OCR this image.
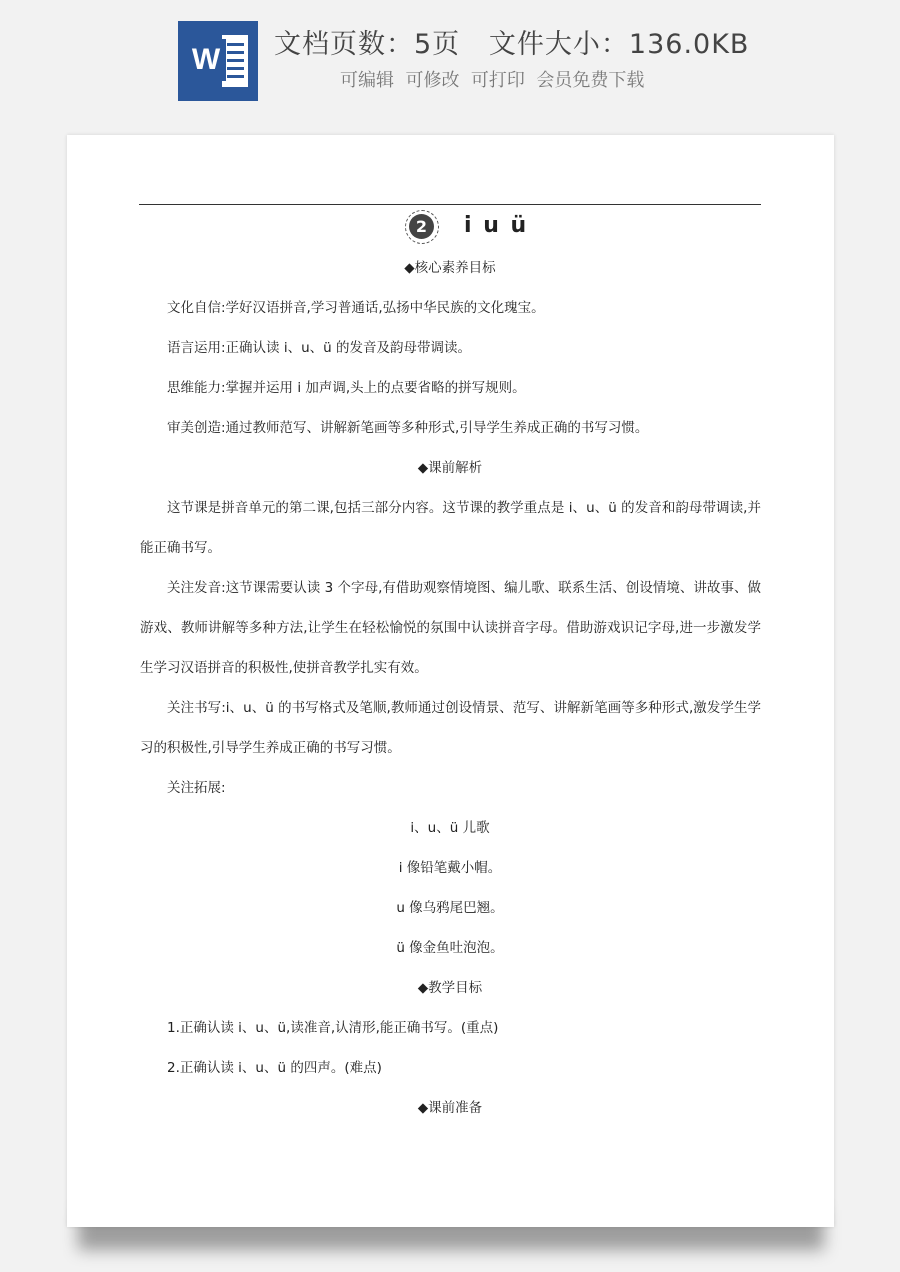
W 文档页数：5页   文件大小：136.0KB
可编辑  可修改  可打印  会员免费下载
2	i u ü
◆核心素养目标
文化自信:学好汉语拼音,学习普通话,弘扬中华民族的文化瑰宝。
语言运用:正确认读 i、u、ü 的发音及韵母带调读。
思维能力:掌握并运用 i 加声调,头上的点要省略的拼写规则。
审美创造:通过教师范写、讲解新笔画等多种形式,引导学生养成正确的书写习惯。
◆课前解析
这节课是拼音单元的第二课,包括三部分内容。这节课的教学重点是 i、u、ü 的发音和韵母带调读,并
能正确书写。
关注发音:这节课需要认读 3 个字母,有借助观察情境图、编儿歌、联系生活、创设情境、讲故事、做
游戏、教师讲解等多种方法,让学生在轻松愉悦的氛围中认读拼音字母。借助游戏识记字母,进一步激发学
生学习汉语拼音的积极性,使拼音教学扎实有效。
关注书写:i、u、ü 的书写格式及笔顺,教师通过创设情景、范写、讲解新笔画等多种形式,激发学生学
习的积极性,引导学生养成正确的书写习惯。
关注拓展:
i、u、ü 儿歌
i 像铅笔戴小帽。
u 像乌鸦尾巴翘。
ü 像金鱼吐泡泡。
◆教学目标
1.正确认读 i、u、ü,读准音,认清形,能正确书写。(重点)
2.正确认读 i、u、ü 的四声。(难点)
◆课前准备
